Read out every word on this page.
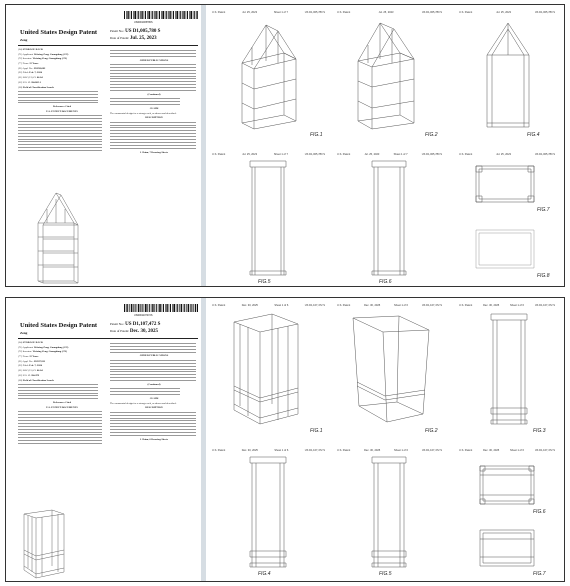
US00D1005780S
United States Design Patent
Zeng
Patent No.: US D1,005,780 S
Date of Patent: Jul. 25, 2023

(54) STORAGE RACK

(71) Applicant: Weixing Zeng, Guangdong (CN)

(72) Inventor: Weixing Zeng, Guangdong (CN)

(**) Term: 15 Years

(21) Appl. No.: 29/858,082

(22) Filed: Feb. 7, 2024

(51) LOC (13) Cl. 06-04

(52) U.S. Cl. D6/685.1

(58) Field of Classification Search

References Cited

U.S. PATENT DOCUMENTS

OTHER PUBLICATIONS

(Continued)

CLAIM

The ornamental design for a storage rack, as shown and described.

DESCRIPTION

1 Claim, 7 Drawing Sheets

U.S. Patent	Jul. 25, 2023	Sheet 1 of 7	US D1,005,780 S
FIG.1
U.S. Patent	Jul. 25, 2023	US D1,005,780 S
FIG.2
U.S. Patent	Jul. 25, 2023	US D1,005,780 S
FIG.4
U.S. Patent	Jul. 25, 2023	Sheet 1 of 7	US D1,005,780 S
FIG.5
U.S. Patent	Jul. 25, 2023	Sheet 1 of 7	US D1,005,780 S
FIG.6
U.S. Patent	Jul. 25, 2023	US D1,005,780 S
FIG.7
FIG.8
US00D1107472S
United States Design Patent
Zeng
Patent No.: US D1,107,472 S
Date of Patent: Dec. 30, 2025

(54) STORAGE RACK

(71) Applicant: Weixing Zeng, Guangdong (CN)

(72) Inventor: Weixing Zeng, Guangdong (CN)

(**) Term: 15 Years

(21) Appl. No.: 29/937,911

(22) Filed: Feb. 7, 2024

(51) LOC (15) Cl. 06-04

(52) U.S. Cl. D6/479

(58) Field of Classification Search

References Cited

U.S. PATENT DOCUMENTS

OTHER PUBLICATIONS

(Continued)

CLAIM

The ornamental design for a storage rack, as shown and described.

DESCRIPTION

1 Claim, 6 Drawing Sheets

U.S. Patent	Dec. 30, 2025	Sheet 1 of 6	US D1,107,472 S
FIG.1
U.S. Patent	Dec. 30, 2025	Sheet 1 of 6	US D1,107,472 S
FIG.2
U.S. Patent	Dec. 30, 2025	Sheet 1 of 6	US D1,107,472 S
FIG.3
U.S. Patent	Dec. 30, 2025	Sheet 1 of 6	US D1,107,472 S
FIG.4
U.S. Patent	Dec. 30, 2025	Sheet 1 of 6	US D1,107,472 S
FIG.5
U.S. Patent	Dec. 30, 2025	Sheet 1 of 6	US D1,107,472 S
FIG.6
FIG.7
